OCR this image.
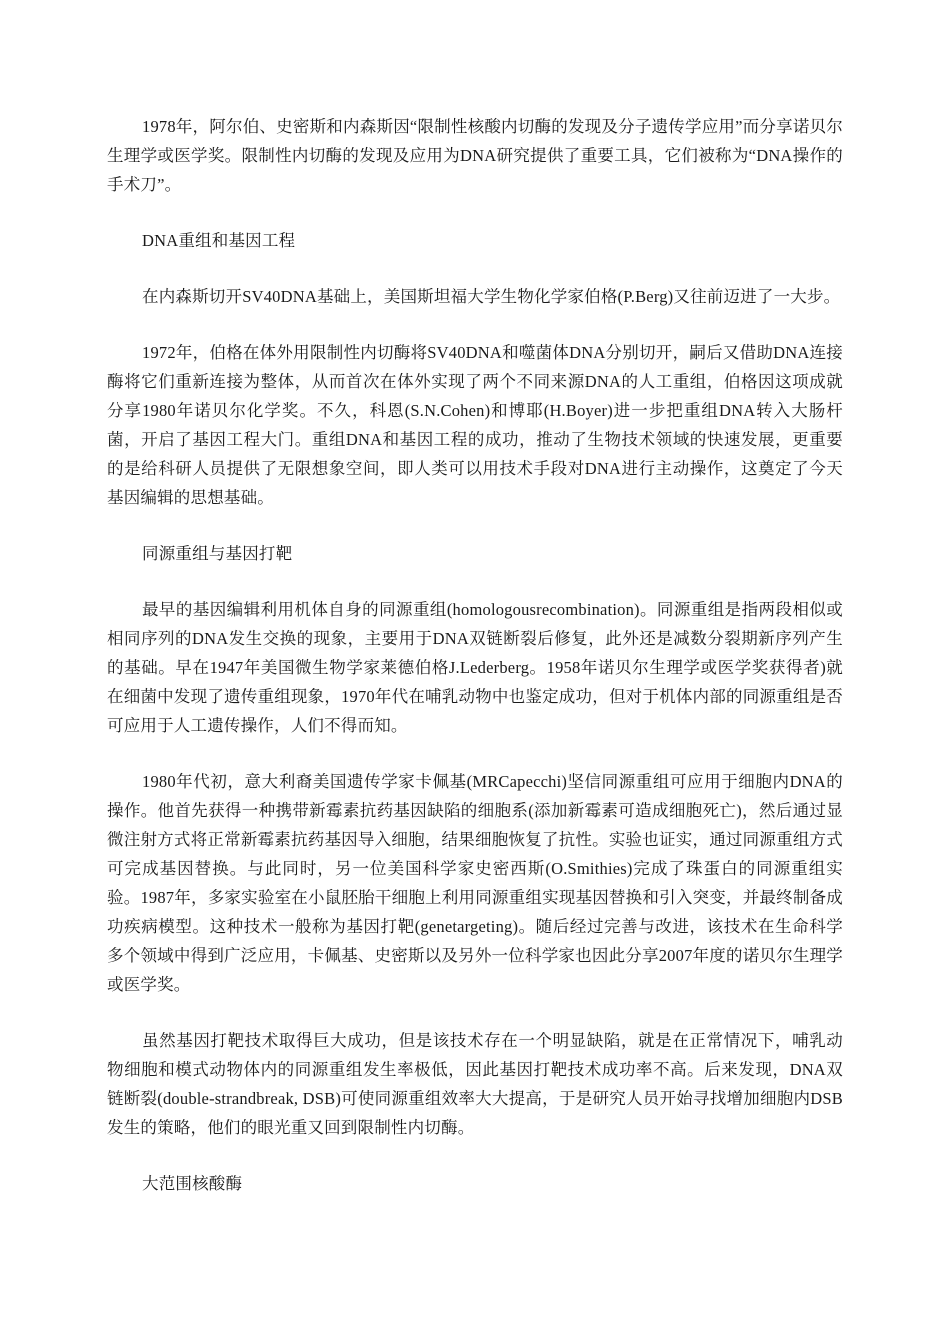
1978年，阿尔伯、史密斯和内森斯因“限制性核酸内切酶的发现及分子遗传学应用”而分享诺贝尔生理学或医学奖。限制性内切酶的发现及应用为DNA研究提供了重要工具，它们被称为“DNA操作的手术刀”。

DNA重组和基因工程

在内森斯切开SV40DNA基础上，美国斯坦福大学生物化学家伯格(P.Berg)又往前迈进了一大步。

1972年，伯格在体外用限制性内切酶将SV40DNA和噬菌体DNA分别切开，嗣后又借助DNA连接酶将它们重新连接为整体，从而首次在体外实现了两个不同来源DNA的人工重组，伯格因这项成就分享1980年诺贝尔化学奖。不久，科恩(S.N.Cohen)和博耶(H.Boyer)进一步把重组DNA转入大肠杆菌，开启了基因工程大门。重组DNA和基因工程的成功，推动了生物技术领域的快速发展，更重要的是给科研人员提供了无限想象空间，即人类可以用技术手段对DNA进行主动操作，这奠定了今天基因编辑的思想基础。

同源重组与基因打靶

最早的基因编辑利用机体自身的同源重组(homologousrecombination)。同源重组是指两段相似或相同序列的DNA发生交换的现象，主要用于DNA双链断裂后修复，此外还是减数分裂期新序列产生的基础。早在1947年美国微生物学家莱德伯格J.Lederberg。1958年诺贝尔生理学或医学奖获得者)就在细菌中发现了遗传重组现象，1970年代在哺乳动物中也鉴定成功，但对于机体内部的同源重组是否可应用于人工遗传操作，人们不得而知。

1980年代初，意大利裔美国遗传学家卡佩基(MRCapecchi)坚信同源重组可应用于细胞内DNA的操作。他首先获得一种携带新霉素抗药基因缺陷的细胞系(添加新霉素可造成细胞死亡)，然后通过显微注射方式将正常新霉素抗药基因导入细胞，结果细胞恢复了抗性。实验也证实，通过同源重组方式可完成基因替换。与此同时，另一位美国科学家史密西斯(O.Smithies)完成了珠蛋白的同源重组实验。1987年，多家实验室在小鼠胚胎干细胞上利用同源重组实现基因替换和引入突变，并最终制备成功疾病模型。这种技术一般称为基因打靶(genetargeting)。随后经过完善与改进，该技术在生命科学多个领域中得到广泛应用，卡佩基、史密斯以及另外一位科学家也因此分享2007年度的诺贝尔生理学或医学奖。

虽然基因打靶技术取得巨大成功，但是该技术存在一个明显缺陷，就是在正常情况下，哺乳动物细胞和模式动物体内的同源重组发生率极低，因此基因打靶技术成功率不高。后来发现，DNA双链断裂(double-strandbreak, DSB)可使同源重组效率大大提高，于是研究人员开始寻找增加细胞内DSB发生的策略，他们的眼光重又回到限制性内切酶。

大范围核酸酶
